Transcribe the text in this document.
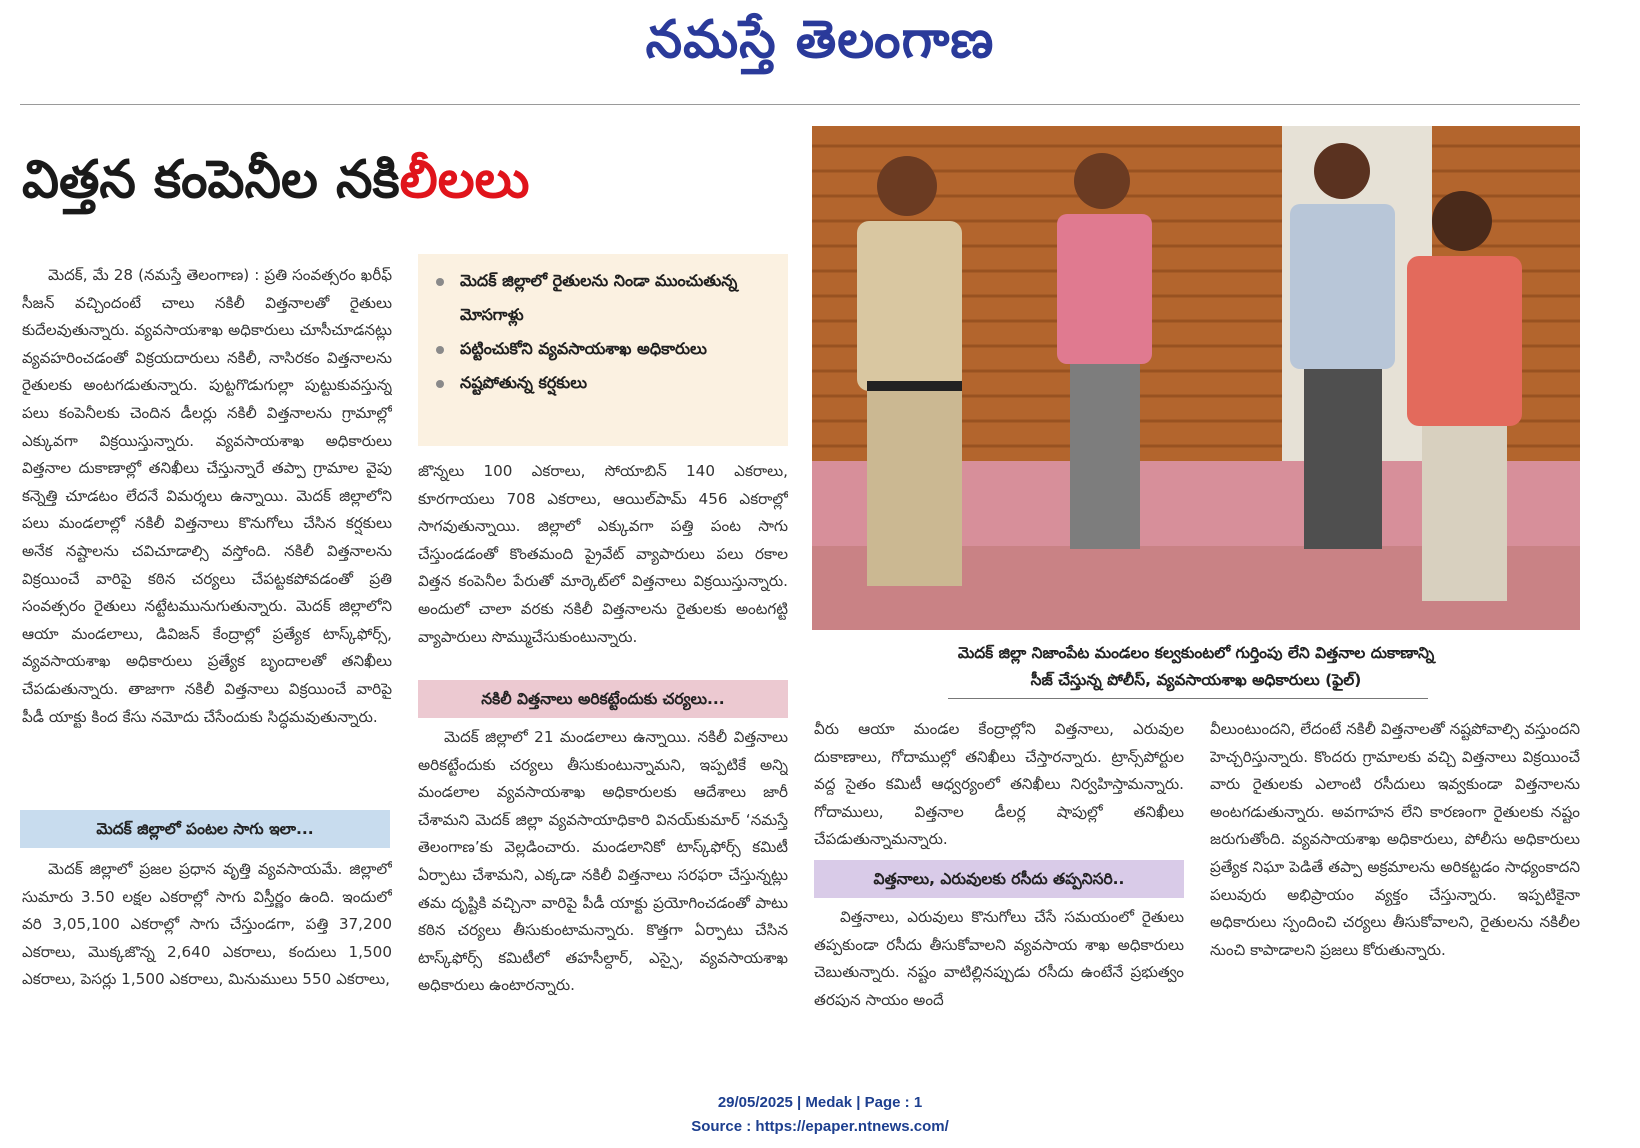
నమస్తే తెలంగాణ
విత్తన కంపెనీల నకిలీలలు

మెదక్‌, మే 28 (నమస్తే తెలంగాణ) : ప్రతి సంవత్సరం ఖరీఫ్‌ సీజన్‌ వచ్చిందంటే చాలు నకిలీ విత్తనాలతో రైతులు కుదేలవుతున్నారు. వ్యవసాయశాఖ అధికారులు చూసీచూడనట్లు వ్యవహరించడంతో విక్రయదారులు నకిలీ, నాసిరకం విత్తనాలను రైతులకు అంటగడుతున్నారు. పుట్టగొడుగుల్లా పుట్టుకువస్తున్న పలు కంపెనీలకు చెందిన డీలర్లు నకిలీ విత్తనాలను గ్రామాల్లో ఎక్కువగా విక్రయిస్తున్నారు. వ్యవసాయశాఖ అధికారులు విత్తనాల దుకాణాల్లో తనిఖీలు చేస్తున్నారే తప్పా గ్రామాల వైపు కన్నెత్తి చూడటం లేదనే విమర్శలు ఉన్నాయి. మెదక్‌ జిల్లాలోని పలు మండలాల్లో నకిలీ విత్తనాలు కొనుగోలు చేసిన కర్షకులు అనేక నష్టాలను చవిచూడాల్సి వస్తోంది. నకిలీ విత్తనాలను విక్రయించే వారిపై కఠిన చర్యలు చేపట్టకపోవడంతో ప్రతి సంవత్సరం రైతులు నట్టేటమునుగుతున్నారు. మెదక్‌ జిల్లాలోని ఆయా మండలాలు, డివిజన్‌ కేంద్రాల్లో ప్రత్యేక టాస్క్‌ఫోర్స్‌, వ్యవసాయశాఖ అధికారులు ప్రత్యేక బృందాలతో తనిఖీలు చేపడుతున్నారు. తాజాగా నకిలీ విత్తనాలు విక్రయించే వారిపై పీడీ యాక్టు కింద కేసు నమోదు చేసేందుకు సిద్ధమవుతున్నారు.

మెదక్‌ జిల్లాలో పంటల సాగు ఇలా...

మెదక్‌ జిల్లాలో ప్రజల ప్రధాన వృత్తి వ్యవసాయమే. జిల్లాలో సుమారు 3.50 లక్షల ఎకరాల్లో సాగు విస్తీర్ణం ఉంది. ఇందులో వరి 3,05,100 ఎకరాల్లో సాగు చేస్తుండగా, పత్తి 37,200 ఎకరాలు, మొక్కజొన్న 2,640 ఎకరాలు, కందులు 1,500 ఎకరాలు, పెసర్లు 1,500 ఎకరాలు, మినుములు 550 ఎకరాలు,

మెదక్‌ జిల్లాలో రైతులను నిండా ముంచుతున్న మోసగాళ్లు
పట్టించుకోని వ్యవసాయశాఖ అధికారులు
నష్టపోతున్న కర్షకులు

జొన్నలు 100 ఎకరాలు, సోయాబిన్‌ 140 ఎకరాలు, కూరగాయలు 708 ఎకరాలు, ఆయిల్‌పామ్‌ 456 ఎకరాల్లో సాగవుతున్నాయి. జిల్లాలో ఎక్కువగా పత్తి పంట సాగు చేస్తుండడంతో కొంతమంది ప్రైవేట్‌ వ్యాపారులు పలు రకాల విత్తన కంపెనీల పేరుతో మార్కెట్‌లో విత్తనాలు విక్రయిస్తున్నారు. అందులో చాలా వరకు నకిలీ విత్తనాలను రైతులకు అంటగట్టి వ్యాపారులు సొమ్ముచేసుకుంటున్నారు.

నకిలీ విత్తనాలు అరికట్టేందుకు చర్యలు...

మెదక్‌ జిల్లాలో 21 మండలాలు ఉన్నాయి. నకిలీ విత్తనాలు అరికట్టేందుకు చర్యలు తీసుకుంటున్నామని, ఇప్పటికే అన్ని మండలాల వ్యవసాయశాఖ అధికారులకు ఆదేశాలు జారీ చేశామని మెదక్‌ జిల్లా వ్యవసాయాధికారి వినయ్‌కుమార్‌ ‘నమస్తే తెలంగాణ’కు వెల్లడించారు. మండలానికో టాస్క్‌ఫోర్స్‌ కమిటీ ఏర్పాటు చేశామని, ఎక్కడా నకిలీ విత్తనాలు సరఫరా చేస్తున్నట్లు తమ దృష్టికి వచ్చినా వారిపై పీడీ యాక్టు ప్రయోగించడంతో పాటు కఠిన చర్యలు తీసుకుంటామన్నారు. కొత్తగా ఏర్పాటు చేసిన టాస్క్‌ఫోర్స్‌ కమిటీలో తహసీల్దార్‌, ఎస్సై, వ్యవసాయశాఖ అధికారులు ఉంటారన్నారు.

మెదక్‌ జిల్లా నిజాంపేట మండలం కల్వకుంటలో గుర్తింపు లేని విత్తనాల దుకాణాన్ని
సీజ్‌ చేస్తున్న పోలీస్‌, వ్యవసాయశాఖ అధికారులు (ఫైల్‌)

వీరు ఆయా మండల కేంద్రాల్లోని విత్తనాలు, ఎరువుల దుకాణాలు, గోదాముల్లో తనిఖీలు చేస్తారన్నారు. ట్రాన్స్‌పోర్టుల వద్ద సైతం కమిటీ ఆధ్వర్యంలో తనిఖీలు నిర్వహిస్తామన్నారు. గోదాములు, విత్తనాల డీలర్ల షాపుల్లో తనిఖీలు చేపడుతున్నామన్నారు.

విత్తనాలు, ఎరువులకు రసీదు తప్పనిసరి..

విత్తనాలు, ఎరువులు కొనుగోలు చేసే సమయంలో రైతులు తప్పకుండా రసీదు తీసుకోవాలని వ్యవసాయ శాఖ అధికారులు చెబుతున్నారు. నష్టం వాటిల్లినప్పుడు రసీదు ఉంటేనే ప్రభుత్వం తరపున సాయం అందే

వీలుంటుందని, లేదంటే నకిలీ విత్తనాలతో నష్టపోవాల్సి వస్తుందని హెచ్చరిస్తున్నారు. కొందరు గ్రామాలకు వచ్చి విత్తనాలు విక్రయించే వారు రైతులకు ఎలాంటి రసీదులు ఇవ్వకుండా విత్తనాలను అంటగడుతున్నారు. అవగాహన లేని కారణంగా రైతులకు నష్టం జరుగుతోంది. వ్యవసాయశాఖ అధికారులు, పోలీసు అధికారులు ప్రత్యేక నిఘా పెడితే తప్పా అక్రమాలను అరికట్టడం సాధ్యంకాదని పలువురు అభిప్రాయం వ్యక్తం చేస్తున్నారు. ఇప్పటికైనా అధికారులు స్పందించి చర్యలు తీసుకోవాలని, రైతులను నకిలీల నుంచి కాపాడాలని ప్రజలు కోరుతున్నారు.

29/05/2025 | Medak | Page : 1
Source : https://epaper.ntnews.com/
